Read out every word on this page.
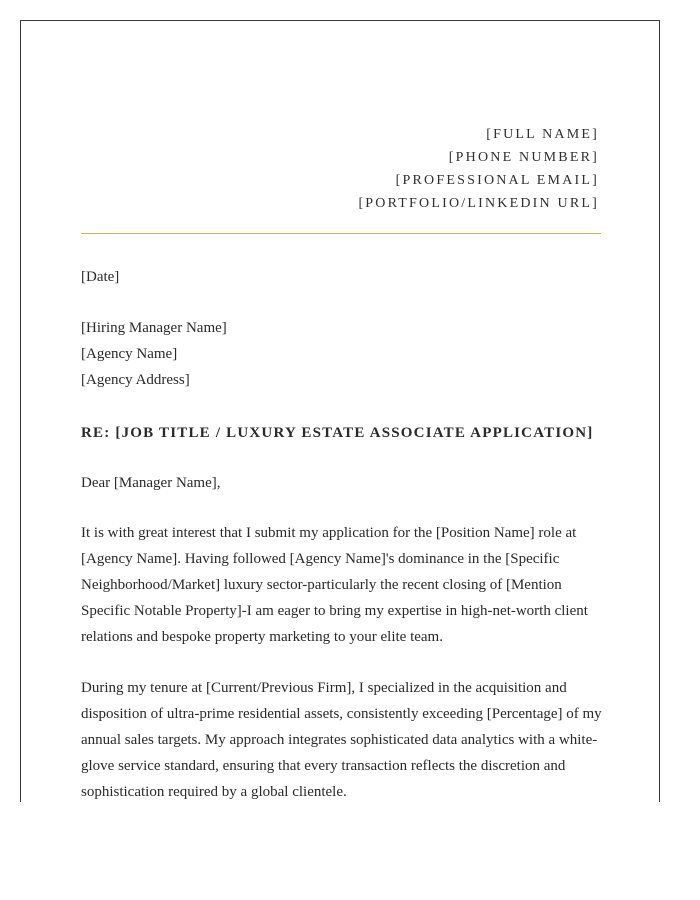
[FULL NAME]
[PHONE NUMBER]
[PROFESSIONAL EMAIL]
[PORTFOLIO/LINKEDIN URL]
[Date]
[Hiring Manager Name]
[Agency Name]
[Agency Address]
RE: [JOB TITLE / LUXURY ESTATE ASSOCIATE APPLICATION]
Dear [Manager Name],
It is with great interest that I submit my application for the [Position Name] role at [Agency Name]. Having followed [Agency Name]'s dominance in the [Specific Neighborhood/Market] luxury sector-particularly the recent closing of [Mention Specific Notable Property]-I am eager to bring my expertise in high-net-worth client relations and bespoke property marketing to your elite team.
During my tenure at [Current/Previous Firm], I specialized in the acquisition and disposition of ultra-prime residential assets, consistently exceeding [Percentage] of my annual sales targets. My approach integrates sophisticated data analytics with a white-glove service standard, ensuring that every transaction reflects the discretion and sophistication required by a global clientele.
